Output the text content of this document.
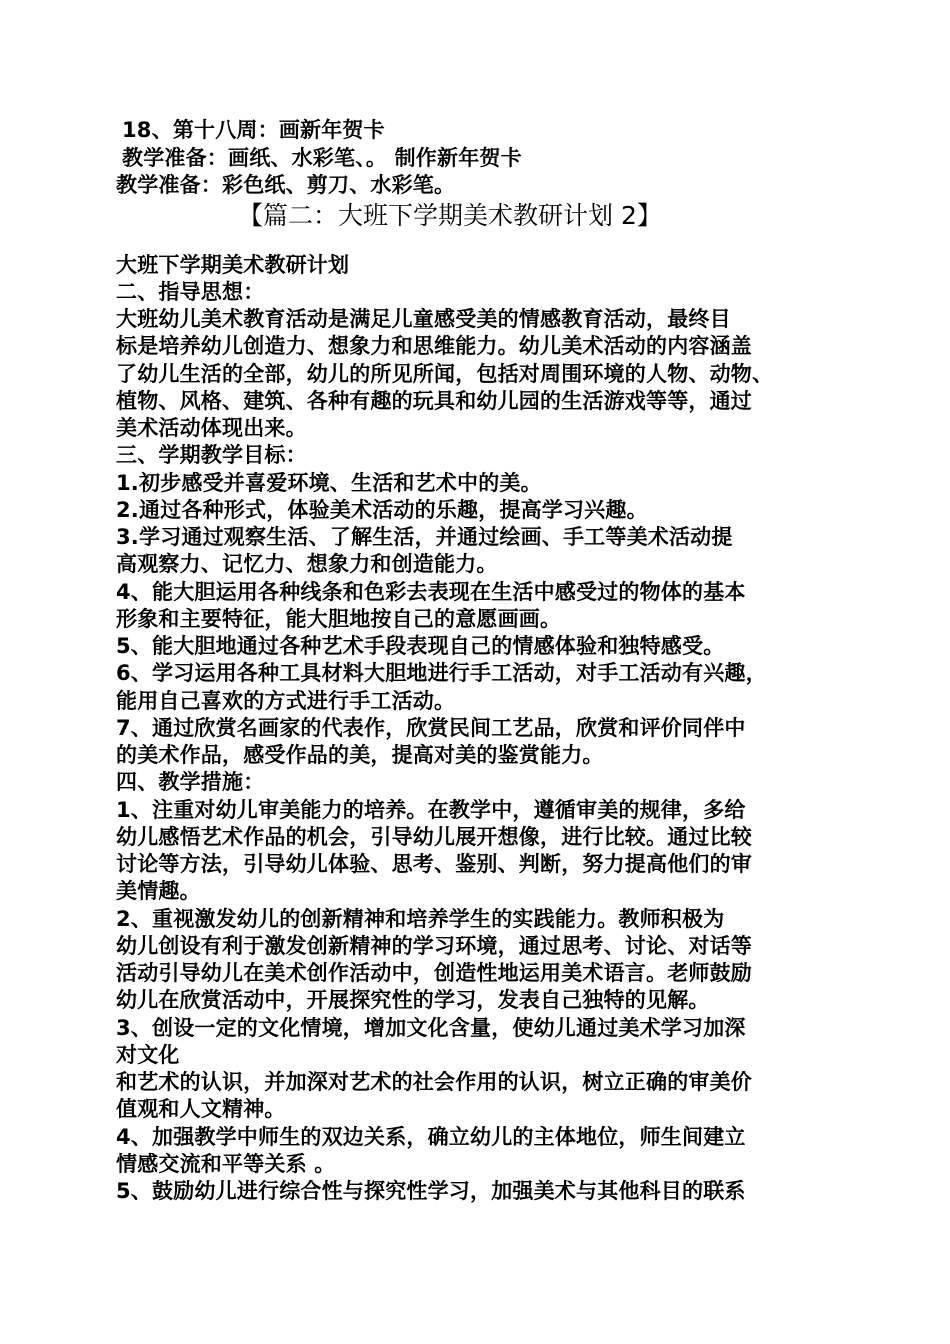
18、第十八周：画新年贺卡
教学准备：画纸、水彩笔、。 制作新年贺卡
教学准备：彩色纸、剪刀、水彩笔。
【篇二：大班下学期美术教研计划 2】
大班下学期美术教研计划
二、指导思想：
大班幼儿美术教育活动是满足儿童感受美的情感教育活动，最终目
标是培养幼儿创造力、想象力和思维能力。幼儿美术活动的内容涵盖
了幼儿生活的全部，幼儿的所见所闻，包括对周围环境的人物、动物、
植物、风格、建筑、各种有趣的玩具和幼儿园的生活游戏等等，通过
美术活动体现出来。
三、学期教学目标：
1.初步感受并喜爱环境、生活和艺术中的美。
2.通过各种形式，体验美术活动的乐趣，提高学习兴趣。
3.学习通过观察生活、了解生活，并通过绘画、手工等美术活动提
高观察力、记忆力、想象力和创造能力。
4、能大胆运用各种线条和色彩去表现在生活中感受过的物体的基本
形象和主要特征，能大胆地按自己的意愿画画。
5、能大胆地通过各种艺术手段表现自己的情感体验和独特感受。
6、学习运用各种工具材料大胆地进行手工活动，对手工活动有兴趣，
能用自己喜欢的方式进行手工活动。
7、通过欣赏名画家的代表作，欣赏民间工艺品，欣赏和评价同伴中
的美术作品，感受作品的美，提高对美的鉴赏能力。
四、教学措施：
1、注重对幼儿审美能力的培养。在教学中，遵循审美的规律，多给
幼儿感悟艺术作品的机会，引导幼儿展开想像，进行比较。通过比较
讨论等方法，引导幼儿体验、思考、鉴别、判断，努力提高他们的审
美情趣。
2、重视激发幼儿的创新精神和培养学生的实践能力。教师积极为
幼儿创设有利于激发创新精神的学习环境，通过思考、讨论、对话等
活动引导幼儿在美术创作活动中，创造性地运用美术语言。老师鼓励
幼儿在欣赏活动中，开展探究性的学习，发表自己独特的见解。
3、创设一定的文化情境，增加文化含量，使幼儿通过美术学习加深
对文化
和艺术的认识，并加深对艺术的社会作用的认识，树立正确的审美价
值观和人文精神。
4、加强教学中师生的双边关系，确立幼儿的主体地位，师生间建立
情感交流和平等关系 。
5、鼓励幼儿进行综合性与探究性学习，加强美术与其他科目的联系
